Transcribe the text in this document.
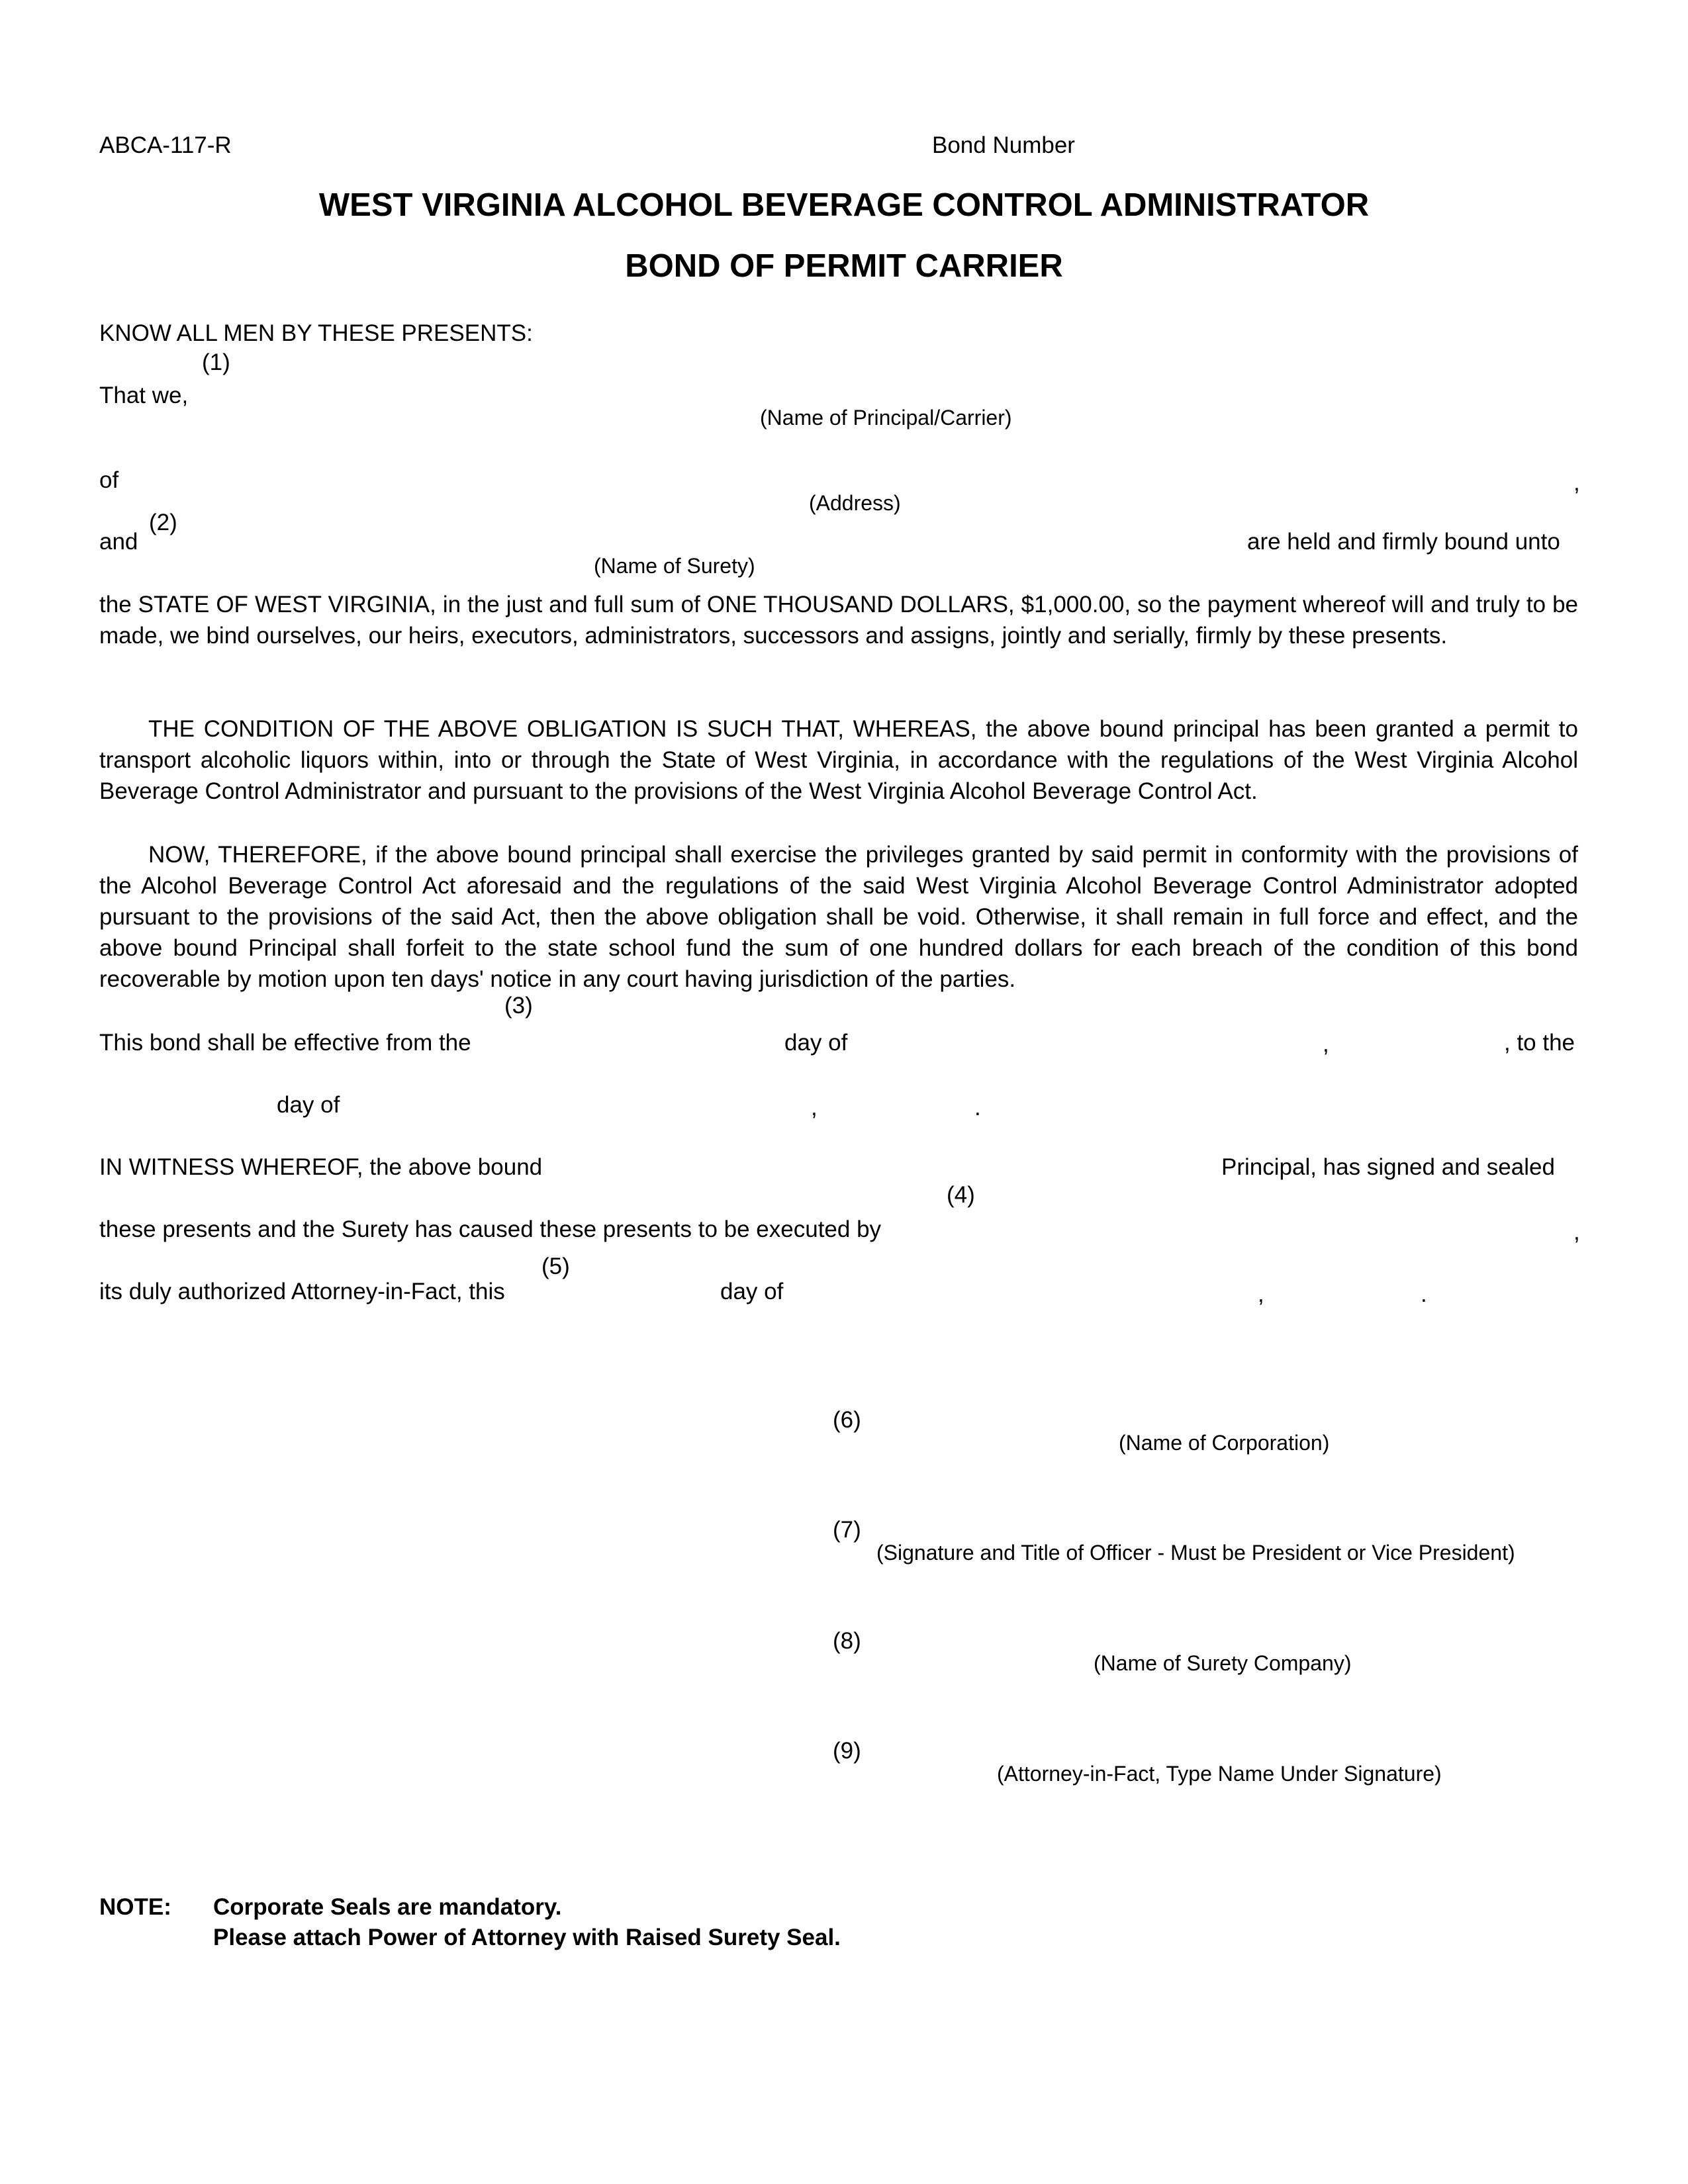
ABCA-117-R	Bond Number
WEST VIRGINIA ALCOHOL BEVERAGE CONTROL ADMINISTRATOR
BOND OF PERMIT CARRIER
KNOW ALL MEN BY THESE PRESENTS:
(1)
That we,
(Name of Principal/Carrier)
of	,
(Address)
(2)
and	are held and firmly bound unto
(Name of Surety)
the STATE OF WEST VIRGINIA, in the just and full sum of ONE THOUSAND DOLLARS, $1,000.00, so the payment whereof will and truly to be made, we bind ourselves, our heirs, executors, administrators, successors and assigns, jointly and serially, firmly by these presents.
THE CONDITION OF THE ABOVE OBLIGATION IS SUCH THAT, WHEREAS, the above bound principal has been granted a permit to transport alcoholic liquors within, into or through the State of West Virginia, in accordance with the regulations of the West Virginia Alcohol Beverage Control Administrator and pursuant to the provisions of the West Virginia Alcohol Beverage Control Act.
NOW, THEREFORE, if the above bound principal shall exercise the privileges granted by said permit in conformity with the provisions of the Alcohol Beverage Control Act aforesaid and the regulations of the said West Virginia Alcohol Beverage Control Administrator adopted pursuant to the provisions of the said Act, then the above obligation shall be void. Otherwise, it shall remain in full force and effect, and the above bound Principal shall forfeit to the state school fund the sum of one hundred dollars for each breach of the condition of this bond recoverable by motion upon ten days' notice in any court having jurisdiction of the parties.
(3)
This bond shall be effective from the	day of	,	, to the
day of	,	.
IN WITNESS WHEREOF, the above bound	Principal, has signed and sealed
(4)
these presents and the Surety has caused these presents to be executed by	,
(5)
its duly authorized Attorney-in-Fact, this	day of	,	.
(6)
(Name of Corporation)
(7)
(Signature and Title of Officer - Must be President or Vice President)
(8)
(Name of Surety Company)
(9)
(Attorney-in-Fact, Type Name Under Signature)
NOTE: Corporate Seals are mandatory.
Please attach Power of Attorney with Raised Surety Seal.
